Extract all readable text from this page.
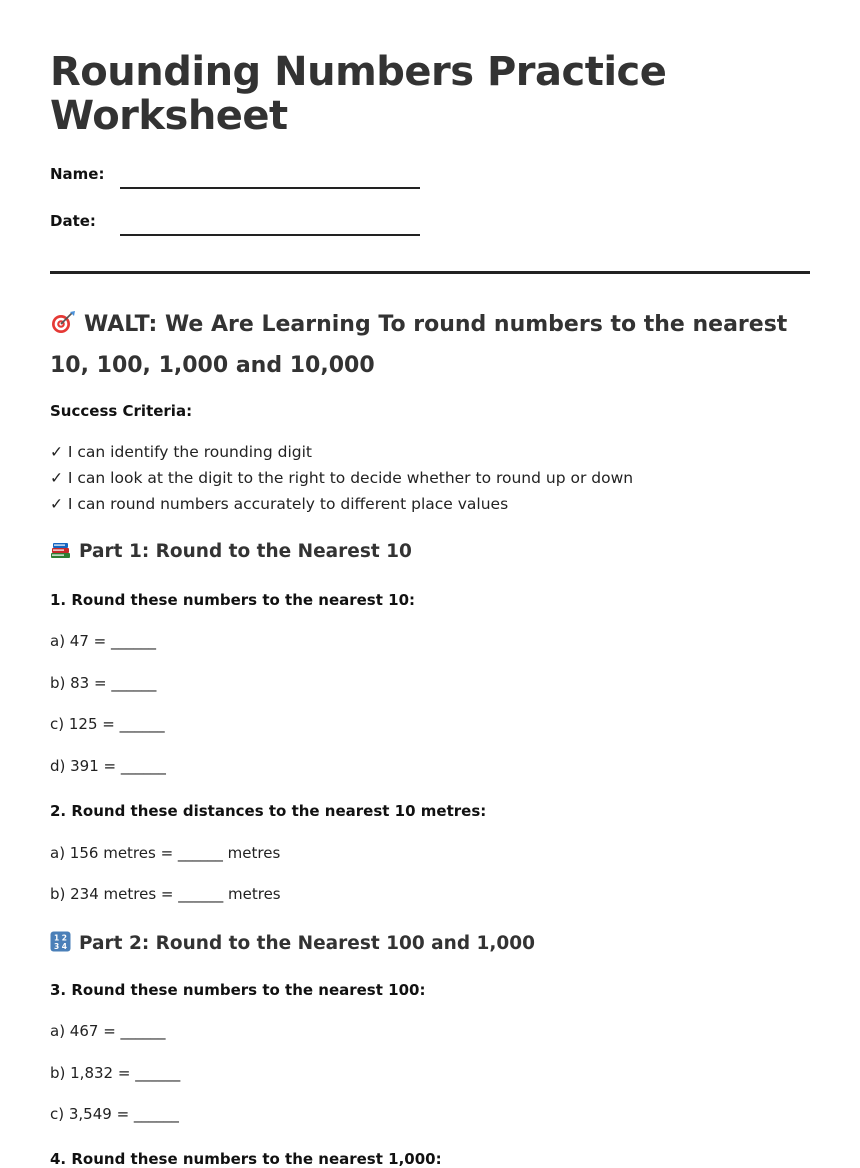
Rounding Numbers Practice Worksheet
Name:
Date:
WALT: We Are Learning To round numbers to the nearest 10, 100, 1,000 and 10,000
Success Criteria:
✓ I can identify the rounding digit
✓ I can look at the digit to the right to decide whether to round up or down
✓ I can round numbers accurately to different place values
Part 1: Round to the Nearest 10
1. Round these numbers to the nearest 10:
a) 47 = ______
b) 83 = ______
c) 125 = ______
d) 391 = ______
2. Round these distances to the nearest 10 metres:
a) 156 metres = ______ metres
b) 234 metres = ______ metres
1 2
3 4 Part 2: Round to the Nearest 100 and 1,000
3. Round these numbers to the nearest 100:
a) 467 = ______
b) 1,832 = ______
c) 3,549 = ______
4. Round these numbers to the nearest 1,000:
